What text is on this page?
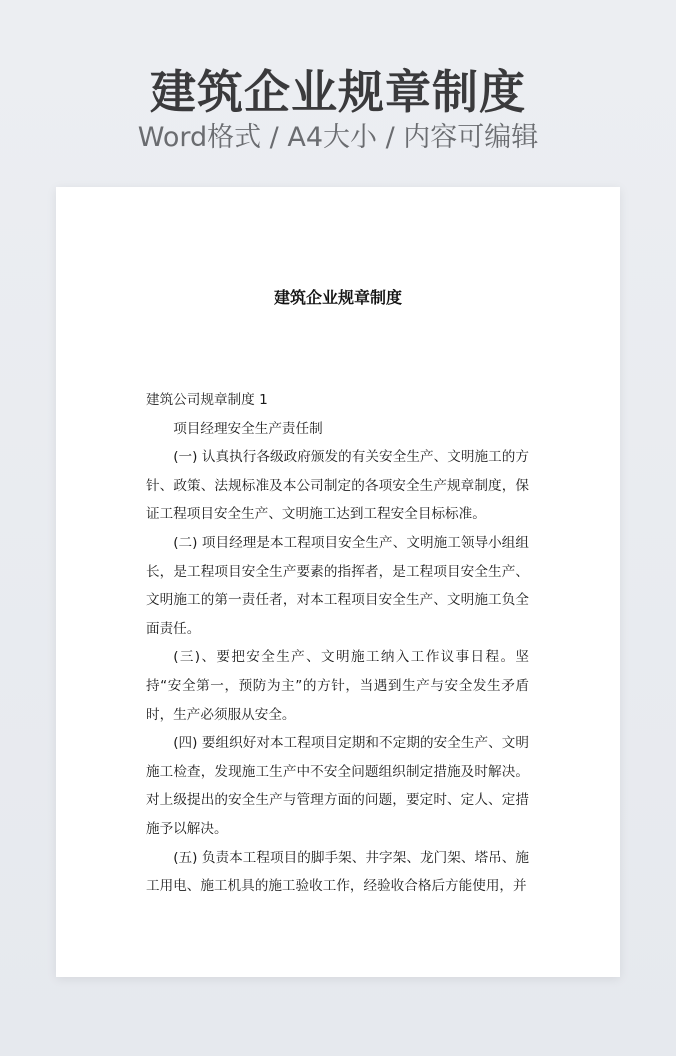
建筑企业规章制度
Word格式 / A4大小 / 内容可编辑
建筑企业规章制度

建筑公司规章制度 1

项目经理安全生产责任制

(一) 认真执行各级政府颁发的有关安全生产、文明施工的方针、政策、法规标准及本公司制定的各项安全生产规章制度，保证工程项目安全生产、文明施工达到工程安全目标标准。

(二) 项目经理是本工程项目安全生产、文明施工领导小组组长，是工程项目安全生产要素的指挥者，是工程项目安全生产、文明施工的第一责任者，对本工程项目安全生产、文明施工负全面责任。

(三)、要把安全生产、文明施工纳入工作议事日程。坚持“安全第一，预防为主”的方针，当遇到生产与安全发生矛盾时，生产必须服从安全。

(四) 要组织好对本工程项目定期和不定期的安全生产、文明施工检查，发现施工生产中不安全问题组织制定措施及时解决。对上级提出的安全生产与管理方面的问题，要定时、定人、定措施予以解决。

(五) 负责本工程项目的脚手架、井字架、龙门架、塔吊、施工用电、施工机具的施工验收工作，经验收合格后方能使用，并
